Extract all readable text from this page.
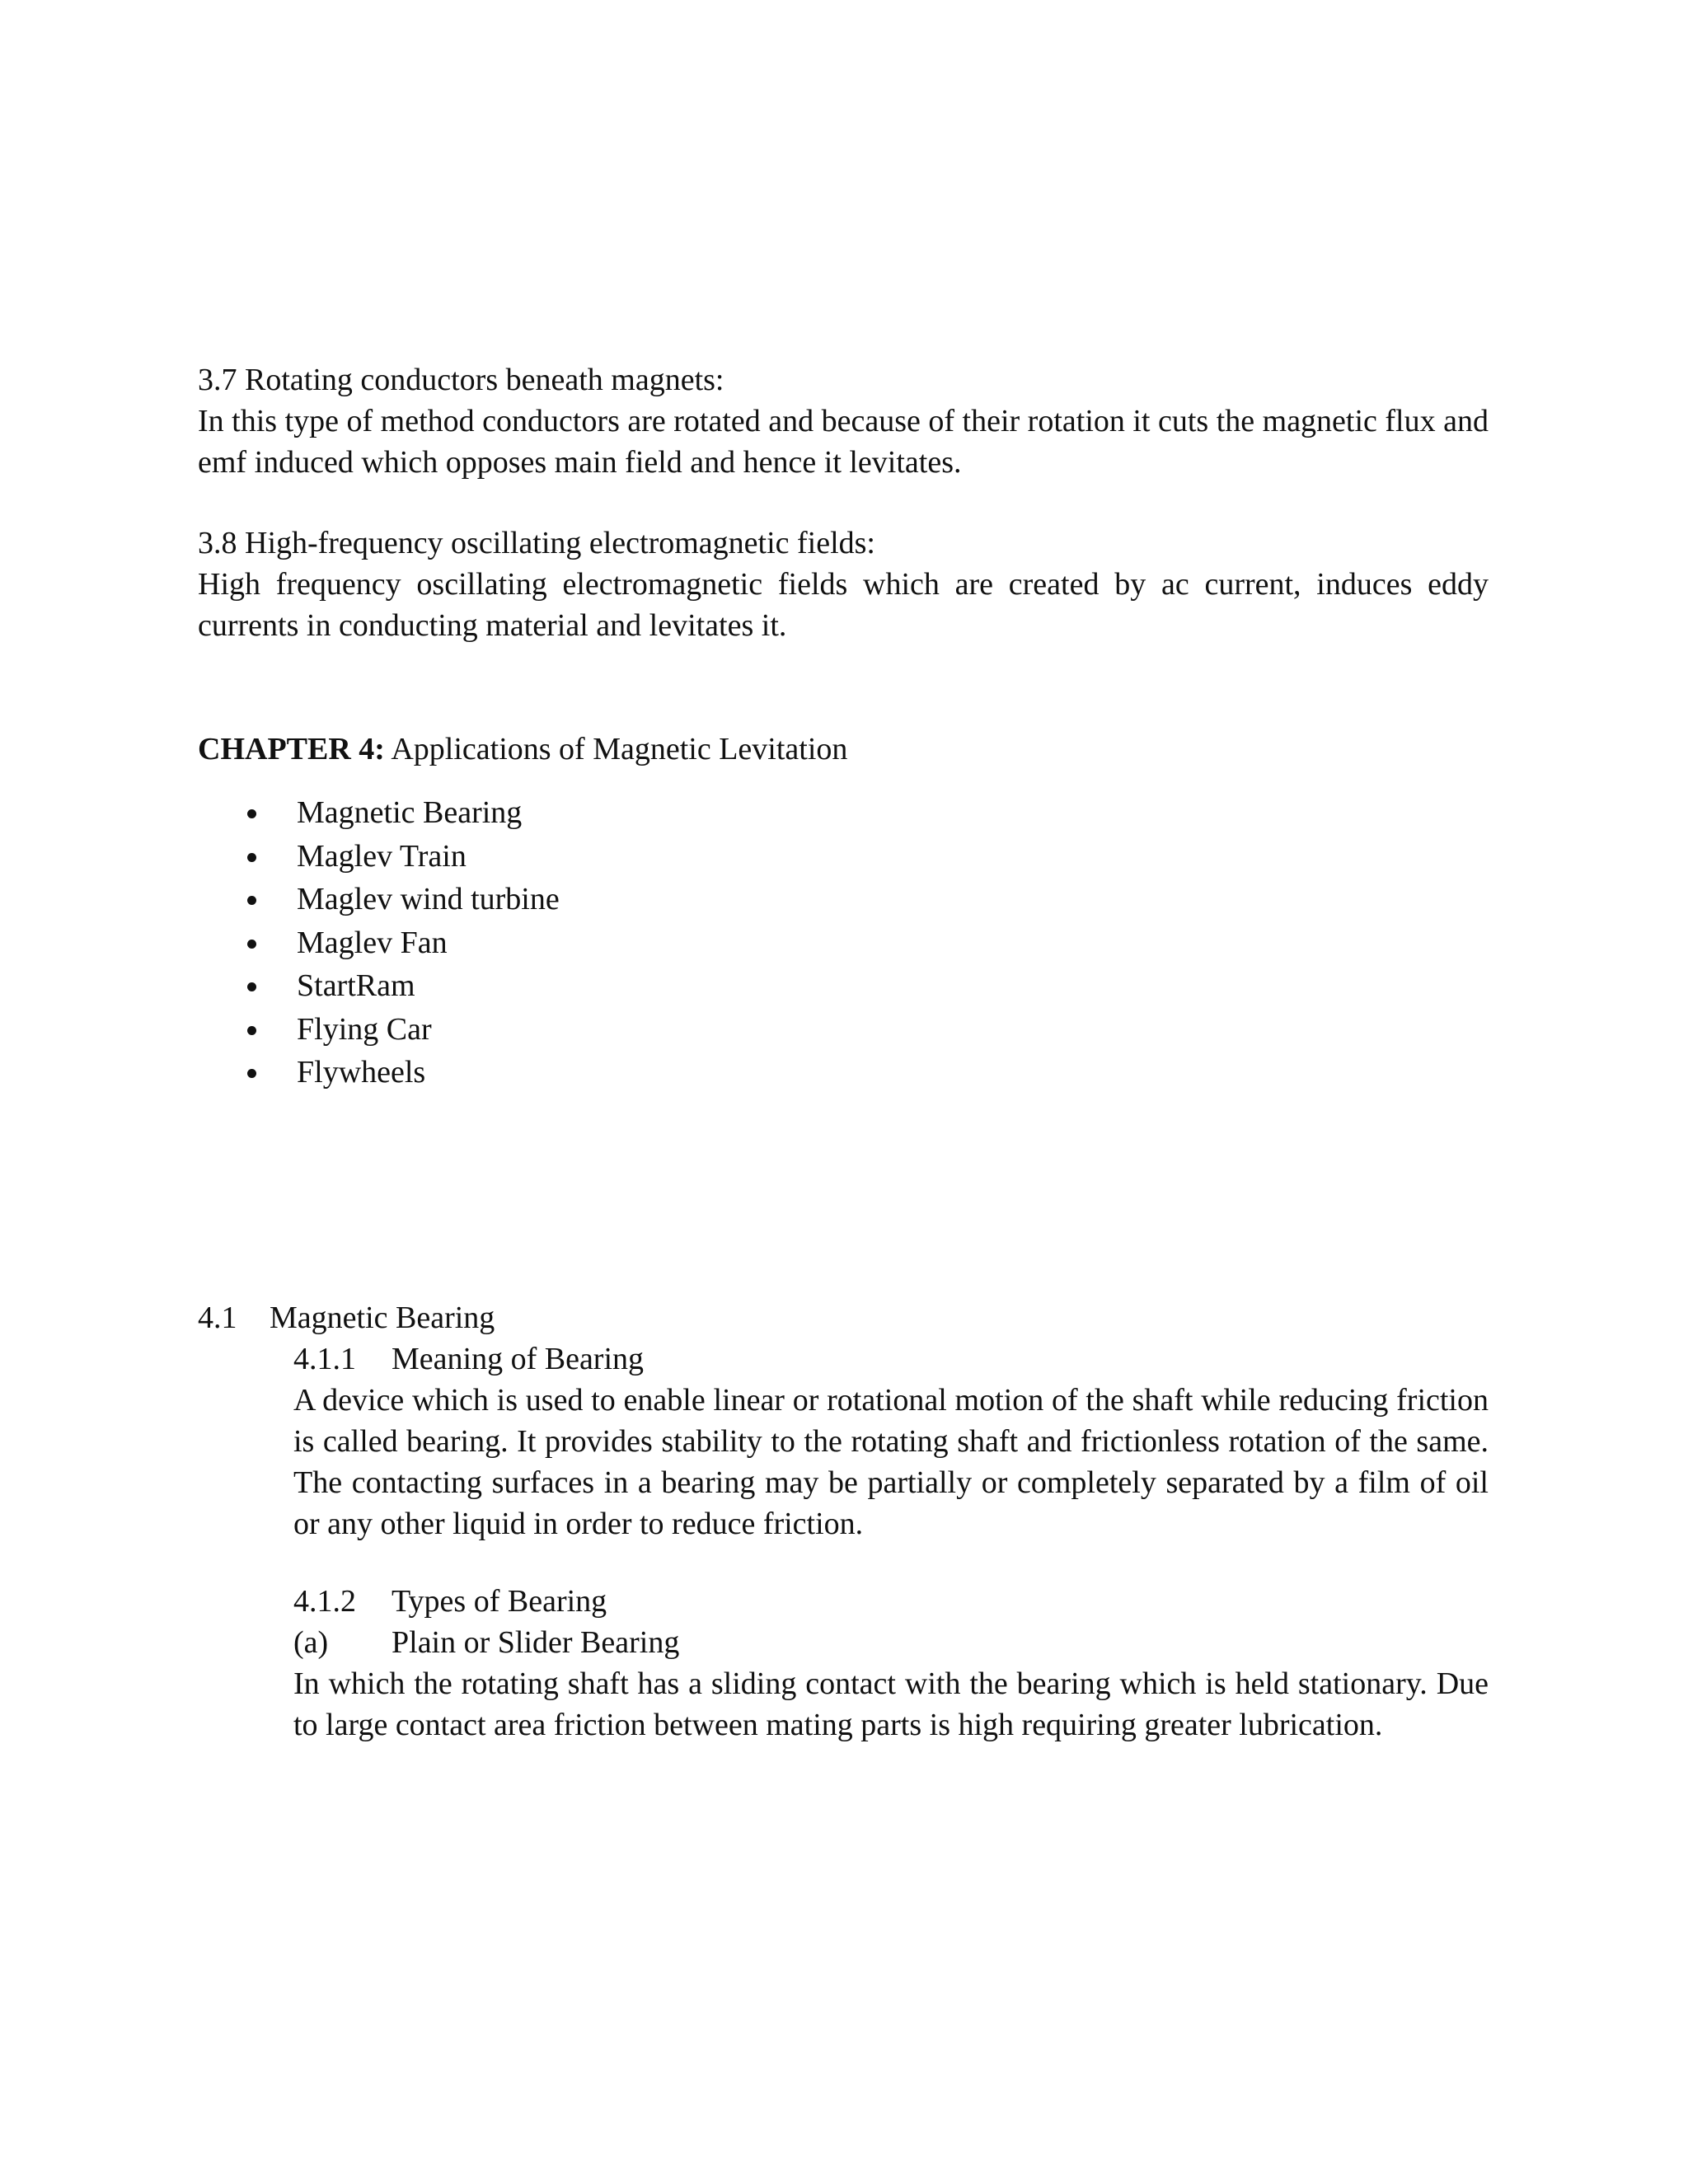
3.7 Rotating conductors beneath magnets:
In this type of method conductors are rotated and because of their rotation it cuts the magnetic flux and emf induced which opposes main field and hence it levitates.
3.8 High-frequency oscillating electromagnetic fields:
High frequency oscillating electromagnetic fields which are created by ac current, induces eddy currents in conducting material and levitates it.
CHAPTER 4: Applications of Magnetic Levitation
Magnetic Bearing
Maglev Train
Maglev wind turbine
Maglev Fan
StartRam
Flying Car
Flywheels
4.1 Magnetic Bearing
4.1.1 Meaning of Bearing
A device which is used to enable linear or rotational motion of the shaft while reducing friction is called bearing. It provides stability to the rotating shaft and frictionless rotation of the same. The contacting surfaces in a bearing may be partially or completely separated by a film of oil or any other liquid in order to reduce friction.
4.1.2 Types of Bearing
(a) Plain or Slider Bearing
In which the rotating shaft has a sliding contact with the bearing which is held stationary. Due to large contact area friction between mating parts is high requiring greater lubrication.
